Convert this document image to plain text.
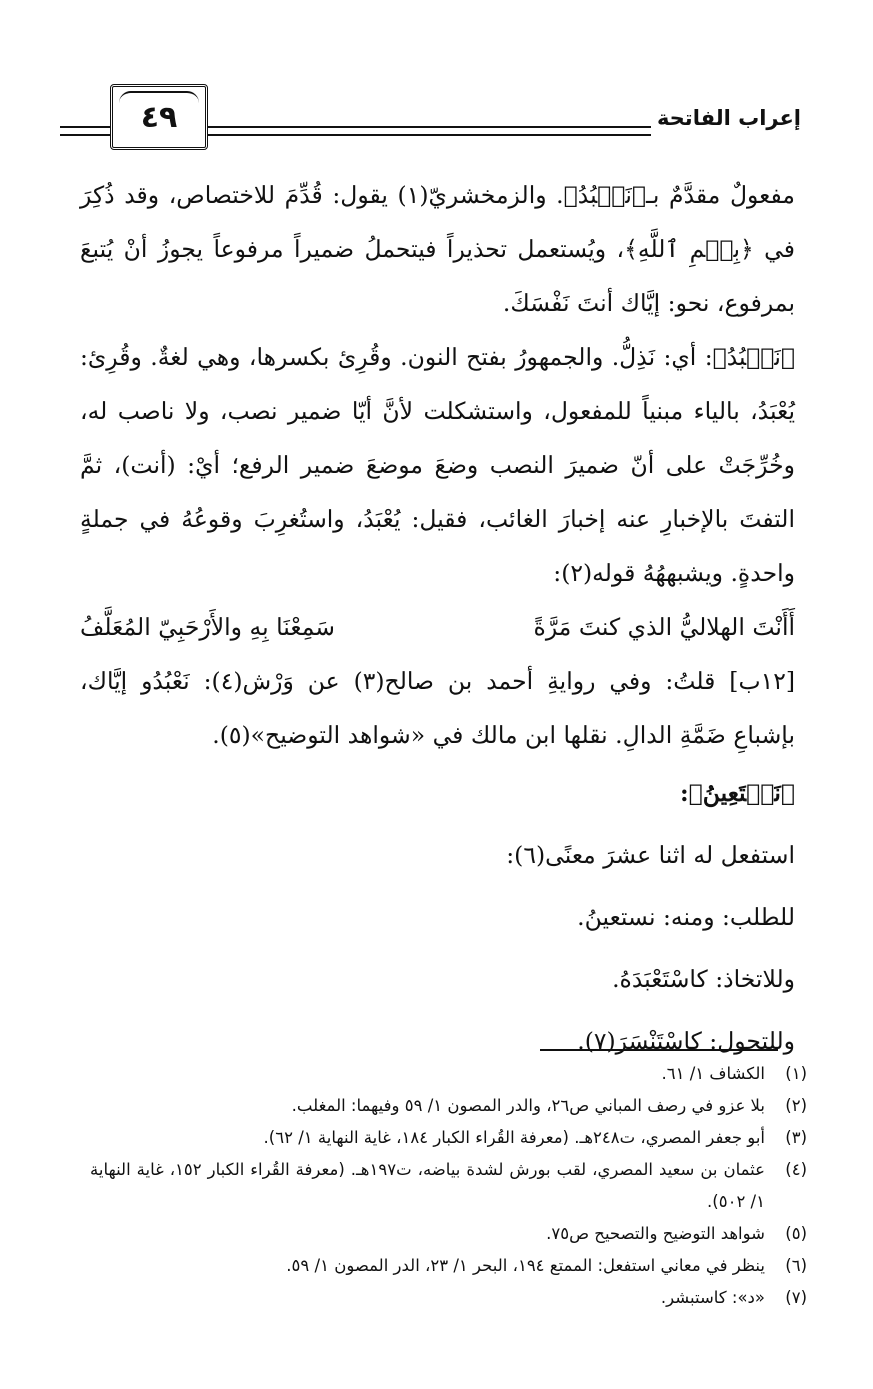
٤٩	إعراب الفاتحة

مفعولٌ مقدَّمٌ بـ﴿نَعۡبُدُ﴾. والزمخشريّ(١) يقول: قُدِّمَ للاختصاص، وقد ذُكِرَ في ﴿بِسۡمِ ٱللَّهِ﴾، ويُستعمل تحذيراً فيتحملُ ضميراً مرفوعاً يجوزُ أنْ يُتبعَ بمرفوع، نحو: إيَّاك أنتَ نَفْسَكَ.

﴿نَعۡبُدُ﴾: أي: نَذِلُّ. والجمهورُ بفتح النون. وقُرِئ بكسرها، وهي لغةٌ. وقُرِئ: يُعْبَدُ، بالياء مبنياً للمفعول، واستشكلت لأنَّ أيّا ضمير نصب، ولا ناصب له، وخُرِّجَتْ على أنّ ضميرَ النصب وضعَ موضعَ ضمير الرفع؛ أيْ: (أنت)، ثمَّ التفتَ بالإخبارِ عنه إخبارَ الغائب، فقيل: يُعْبَدُ، واستُغرِبَ وقوعُهُ في جملةٍ واحدةٍ. ويشبههُهُ قوله(٢):

أَأَنْتَ الهلاليُّ الذي كنتَ مَرَّةً
سَمِعْنَا بِهِ والأَرْحَبِيّ المُعَلَّفُ

[١٢ب] قلتُ: وفي روايةِ أحمد بن صالح(٣) عن وَرْش(٤): نَعْبُدُو إيَّاك، بإشباعِ ضَمَّةِ الدالِ. نقلها ابن مالك في «شواهد التوضيح»(٥).

﴿نَسۡتَعِينُ﴾:

استفعل له اثنا عشرَ معنًى(٦):

للطلب: ومنه: نستعينُ.

وللاتخاذ: كاسْتَعْبَدَهُ.

وللتحول: كاسْتَنْسَرَ(٧).

(١)
الكشاف ١/ ٦١.
(٢)
بلا عزو في رصف المباني ص٢٦، والدر المصون ١/ ٥٩ وفيهما: المغلب.
(٣)
أبو جعفر المصري، ت٢٤٨هـ. (معرفة القُراء الكبار ١٨٤، غاية النهاية ١/ ٦٢).
(٤)
عثمان بن سعيد المصري، لقب بورش لشدة بياضه، ت١٩٧هـ. (معرفة القُراء الكبار ١٥٢، غاية النهاية ١/ ٥٠٢).
(٥)
شواهد التوضيح والتصحيح ص٧٥.
(٦)
ينظر في معاني استفعل: الممتع ١٩٤، البحر ١/ ٢٣، الدر المصون ١/ ٥٩.
(٧)
«د»: كاستبشر.
